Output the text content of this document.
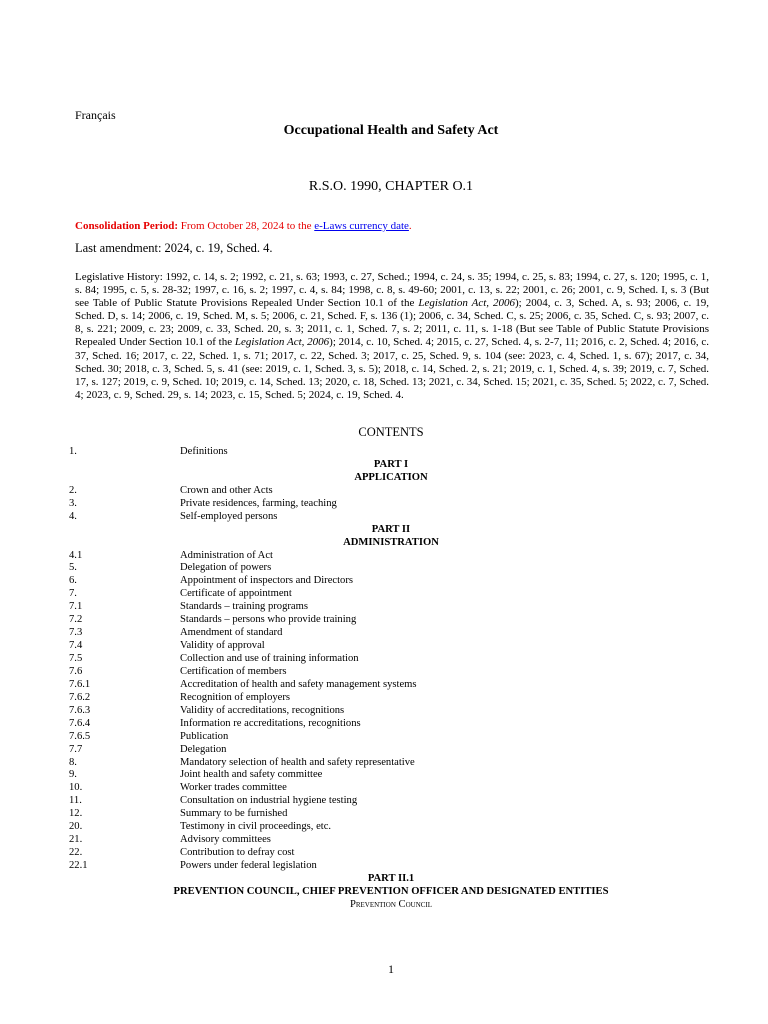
Français
Occupational Health and Safety Act
R.S.O. 1990, CHAPTER O.1
Consolidation Period: From October 28, 2024 to the e-Laws currency date.
Last amendment: 2024, c. 19, Sched. 4.
Legislative History: 1992, c. 14, s. 2; 1992, c. 21, s. 63; 1993, c. 27, Sched.; 1994, c. 24, s. 35; 1994, c. 25, s. 83; 1994, c. 27, s. 120; 1995, c. 1, s. 84; 1995, c. 5, s. 28-32; 1997, c. 16, s. 2; 1997, c. 4, s. 84; 1998, c. 8, s. 49-60; 2001, c. 13, s. 22; 2001, c. 26; 2001, c. 9, Sched. I, s. 3 (But see Table of Public Statute Provisions Repealed Under Section 10.1 of the Legislation Act, 2006); 2004, c. 3, Sched. A, s. 93; 2006, c. 19, Sched. D, s. 14; 2006, c. 19, Sched. M, s. 5; 2006, c. 21, Sched. F, s. 136 (1); 2006, c. 34, Sched. C, s. 25; 2006, c. 35, Sched. C, s. 93; 2007, c. 8, s. 221; 2009, c. 23; 2009, c. 33, Sched. 20, s. 3; 2011, c. 1, Sched. 7, s. 2; 2011, c. 11, s. 1-18 (But see Table of Public Statute Provisions Repealed Under Section 10.1 of the Legislation Act, 2006); 2014, c. 10, Sched. 4; 2015, c. 27, Sched. 4, s. 2-7, 11; 2016, c. 2, Sched. 4; 2016, c. 37, Sched. 16; 2017, c. 22, Sched. 1, s. 71; 2017, c. 22, Sched. 3; 2017, c. 25, Sched. 9, s. 104 (see: 2023, c. 4, Sched. 1, s. 67); 2017, c. 34, Sched. 30; 2018, c. 3, Sched. 5, s. 41 (see: 2019, c. 1, Sched. 3, s. 5); 2018, c. 14, Sched. 2, s. 21; 2019, c. 1, Sched. 4, s. 39; 2019, c. 7, Sched. 17, s. 127; 2019, c. 9, Sched. 10; 2019, c. 14, Sched. 13; 2020, c. 18, Sched. 13; 2021, c. 34, Sched. 15; 2021, c. 35, Sched. 5; 2022, c. 7, Sched. 4; 2023, c. 9, Sched. 29, s. 14; 2023, c. 15, Sched. 5; 2024, c. 19, Sched. 4.
CONTENTS
1.	Definitions
PART I
APPLICATION
2.	Crown and other Acts
3.	Private residences, farming, teaching
4.	Self-employed persons
PART II
ADMINISTRATION
4.1	Administration of Act
5.	Delegation of powers
6.	Appointment of inspectors and Directors
7.	Certificate of appointment
7.1	Standards – training programs
7.2	Standards – persons who provide training
7.3	Amendment of standard
7.4	Validity of approval
7.5	Collection and use of training information
7.6	Certification of members
7.6.1	Accreditation of health and safety management systems
7.6.2	Recognition of employers
7.6.3	Validity of accreditations, recognitions
7.6.4	Information re accreditations, recognitions
7.6.5	Publication
7.7	Delegation
8.	Mandatory selection of health and safety representative
9.	Joint health and safety committee
10.	Worker trades committee
11.	Consultation on industrial hygiene testing
12.	Summary to be furnished
20.	Testimony in civil proceedings, etc.
21.	Advisory committees
22.	Contribution to defray cost
22.1	Powers under federal legislation
PART II.1
PREVENTION COUNCIL, CHIEF PREVENTION OFFICER AND DESIGNATED ENTITIES
Prevention Council
1
